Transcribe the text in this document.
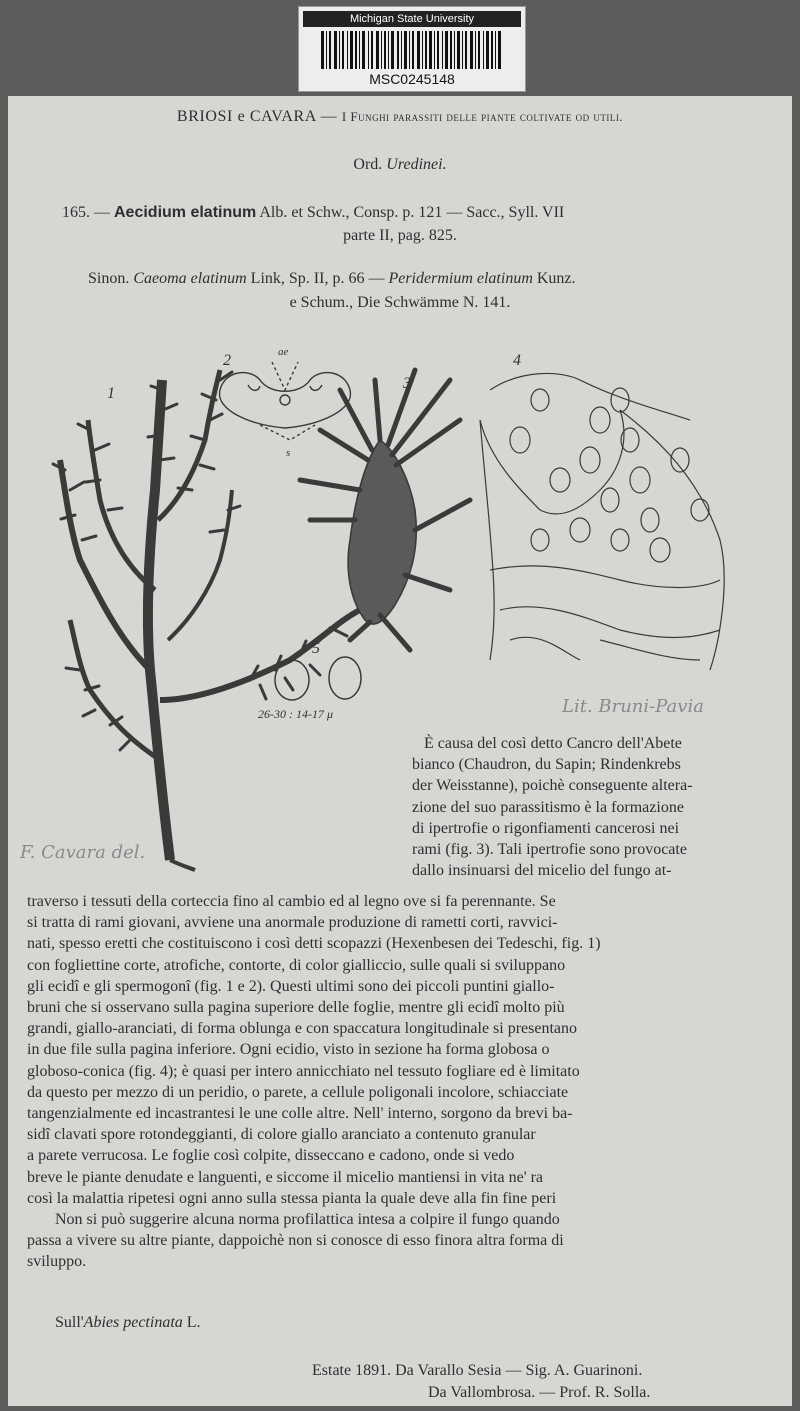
Michigan State University
MSC0245148
BRIOSI e CAVARA — I Funghi parassiti delle piante coltivate od utili.
Ord. Uredinei.
165. — Aecidium elatinum Alb. et Schw., Consp. p. 121 — Sacc., Syll. VII
parte II, pag. 825.
Sinon. Caeoma elatinum Link, Sp. II, p. 66 — Peridermium elatinum Kunz.
e Schum., Die Schwämme N. 141.
1
2
3
4
5
ae
s
26-30 : 14-17 μ
F. Cavara del.
Lit. Bruni-Pavia
È causa del così detto Cancro dell'Abete
bianco (Chaudron, du Sapin; Rindenkrebs
der Weisstanne), poichè conseguente altera-
zione del suo parassitismo è la formazione
di ipertrofie o rigonfiamenti cancerosi nei
rami (fig. 3). Tali ipertrofie sono provocate
dallo insinuarsi del micelio del fungo at-
traverso i tessuti della corteccia fino al cambio ed al legno ove si fa perennante. Se
si tratta di rami giovani, avviene una anormale produzione di rametti corti, ravvici-
nati, spesso eretti che costituiscono i così detti scopazzi (Hexenbesen dei Tedeschi, fig. 1)
con fogliettine corte, atrofiche, contorte, di color gialliccio, sulle quali si sviluppano
gli ecidî e gli spermogonî (fig. 1 e 2). Questi ultimi sono dei piccoli puntini giallo-
bruni che si osservano sulla pagina superiore delle foglie, mentre gli ecidî molto più
grandi, giallo-aranciati, di forma oblunga e con spaccatura longitudinale si presentano
in due file sulla pagina inferiore. Ogni ecidio, visto in sezione ha forma globosa o
globoso-conica (fig. 4); è quasi per intero annicchiato nel tessuto fogliare ed è limitato
da questo per mezzo di un peridio, o parete, a cellule poligonali incolore, schiacciate
tangenzialmente ed incastrantesi le une colle altre. Nell' interno, sorgono da brevi ba-
sidî clavati spore rotondeggianti, di colore giallo aranciato a contenuto granular
a parete verrucosa. Le foglie così colpite, disseccano e cadono, onde si vedo
breve le piante denudate e languenti, e siccome il micelio mantiensi in vita ne' ra
così la malattia ripetesi ogni anno sulla stessa pianta la quale deve alla fin fine peri
Non si può suggerire alcuna norma profilattica intesa a colpire il fungo quando
passa a vivere su altre piante, dappoichè non si conosce di esso finora altra forma di
sviluppo.
Sull'Abies pectinata L.
Estate 1891. Da Varallo Sesia — Sig. A. Guarinoni.
Da Vallombrosa. — Prof. R. Solla.
